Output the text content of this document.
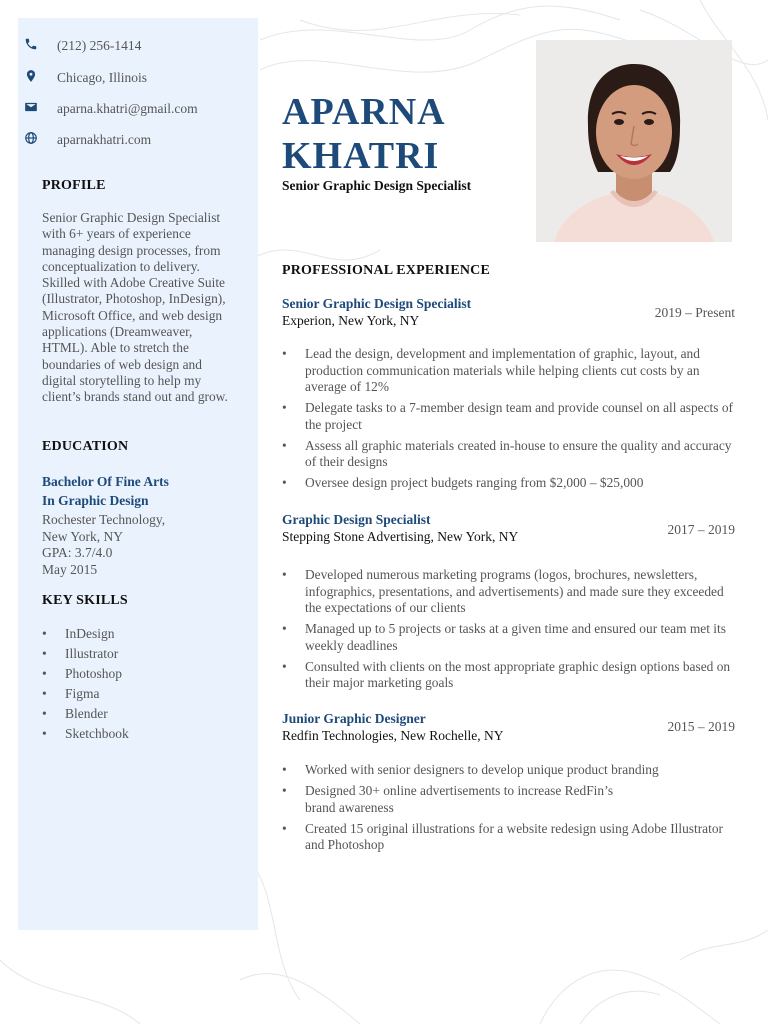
(212) 256-1414
Chicago, Illinois
aparna.khatri@gmail.com
aparnakhatri.com
PROFILE
Senior Graphic Design Specialist with 6+ years of experience managing design processes, from conceptualization to delivery. Skilled with Adobe Creative Suite (Illustrator, Photoshop, InDesign), Microsoft Office, and web design applications (Dreamweaver, HTML). Able to stretch the boundaries of web design and digital storytelling to help my client’s brands stand out and grow.
EDUCATION
Bachelor Of Fine Arts
In Graphic Design
Rochester Technology,
New York, NY
GPA: 3.7/4.0
May 2015
KEY SKILLS
• InDesign
• Illustrator
• Photoshop
• Figma
• Blender
• Sketchbook
APARNA
KHATRI
Senior Graphic Design Specialist
PROFESSIONAL EXPERIENCE
Senior Graphic Design Specialist
Experion, New York, NY
2019 – Present
• Lead the design, development and implementation of graphic, layout, and production communication materials while helping clients cut costs by an average of 12%
• Delegate tasks to a 7-member design team and provide counsel on all aspects of the project
• Assess all graphic materials created in-house to ensure the quality and accuracy of their designs
• Oversee design project budgets ranging from $2,000 – $25,000
Graphic Design Specialist
Stepping Stone Advertising, New York, NY	2017 – 2019
• Developed numerous marketing programs (logos, brochures, newsletters, infographics, presentations, and advertisements) and made sure they exceeded the expectations of our clients
• Managed up to 5 projects or tasks at a given time and ensured our team met its weekly deadlines
• Consulted with clients on the most appropriate graphic design options based on their major marketing goals
Junior Graphic Designer
Redfin Technologies, New Rochelle, NY
2015 – 2019
• Worked with senior designers to develop unique product branding
• Designed 30+ online advertisements to increase RedFin’s brand awareness
• Created 15 original illustrations for a website redesign using Adobe Illustrator and Photoshop
